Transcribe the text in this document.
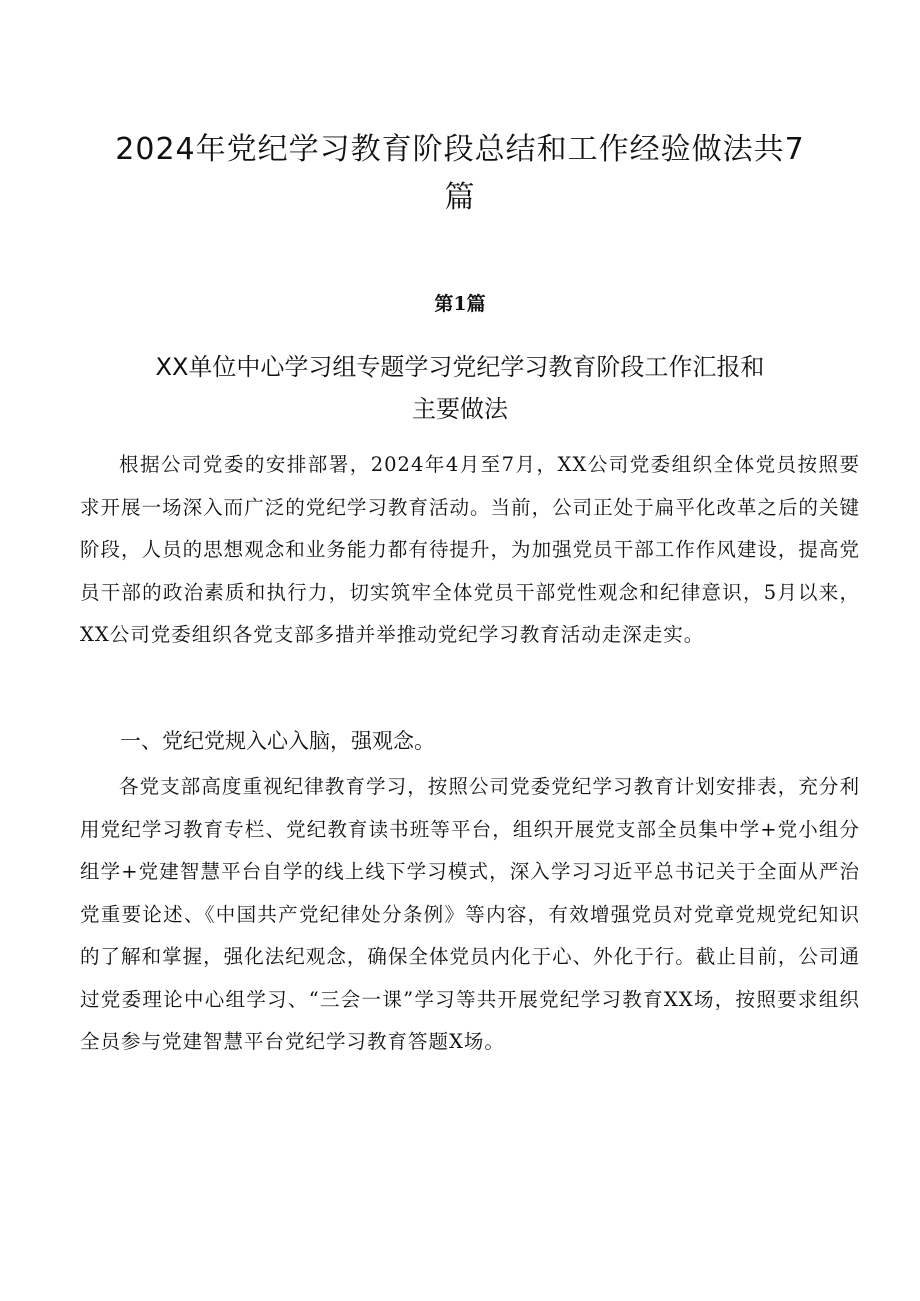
2024年党纪学习教育阶段总结和工作经验做法共7
篇
第1篇
XX单位中心学习组专题学习党纪学习教育阶段工作汇报和
主要做法

根据公司党委的安排部署，2024年4月至7月，XX公司党委组织全体党员按照要求开展一场深入而广泛的党纪学习教育活动。当前，公司正处于扁平化改革之后的关键阶段，人员的思想观念和业务能力都有待提升，为加强党员干部工作作风建设，提高党员干部的政治素质和执行力，切实筑牢全体党员干部党性观念和纪律意识，5月以来，XX公司党委组织各党支部多措并举推动党纪学习教育活动走深走实。

一、党纪党规入心入脑，强观念。

各党支部高度重视纪律教育学习，按照公司党委党纪学习教育计划安排表，充分利用党纪学习教育专栏、党纪教育读书班等平台，组织开展党支部全员集中学+党小组分组学+党建智慧平台自学的线上线下学习模式，深入学习习近平总书记关于全面从严治党重要论述、《中国共产党纪律处分条例》等内容，有效增强党员对党章党规党纪知识的了解和掌握，强化法纪观念，确保全体党员内化于心、外化于行。截止目前，公司通过党委理论中心组学习、“三会一课”学习等共开展党纪学习教育XX场，按照要求组织全员参与党建智慧平台党纪学习教育答题X场。
